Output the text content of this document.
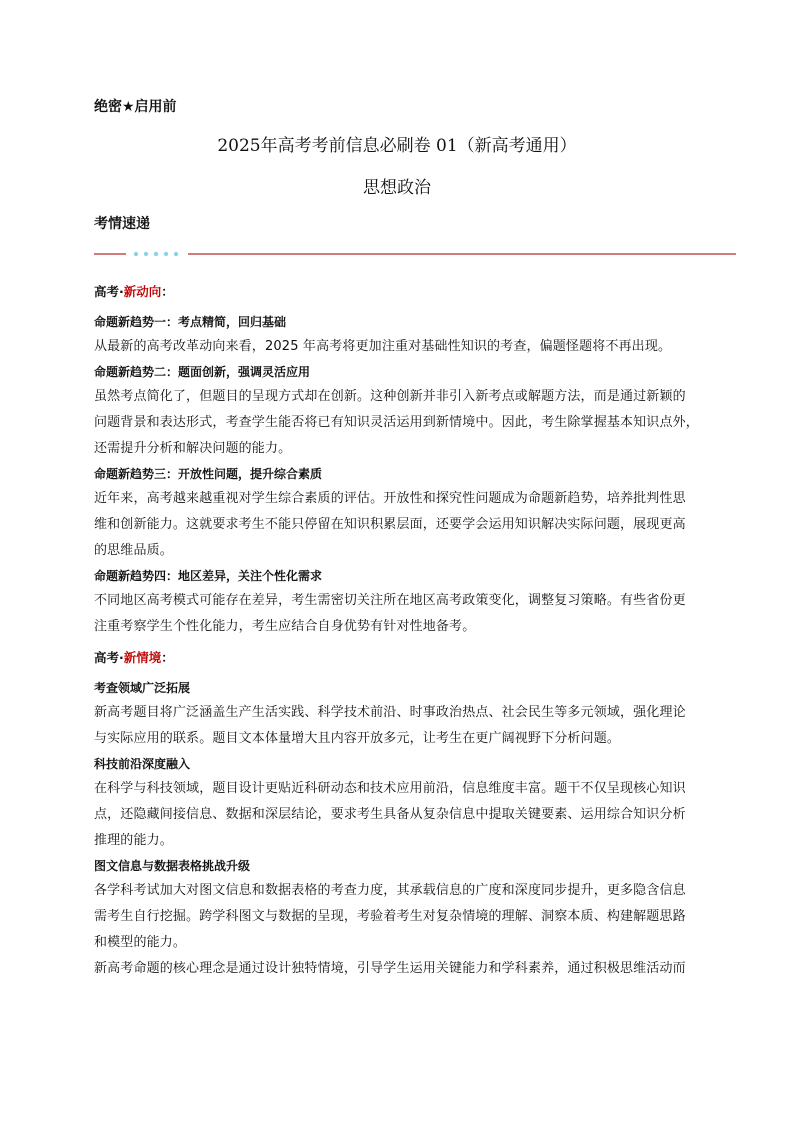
绝密★启用前
2025年高考考前信息必刷卷 01（新高考通用）
思想政治
考情速递
高考·新动向：
命题新趋势一：考点精简，回归基础

从最新的高考改革动向来看，2025 年高考将更加注重对基础性知识的考查，偏题怪题将不再出现。

命题新趋势二：题面创新，强调灵活应用

虽然考点简化了，但题目的呈现方式却在创新。这种创新并非引入新考点或解题方法，而是通过新颖的

问题背景和表达形式，考查学生能否将已有知识灵活运用到新情境中。因此，考生除掌握基本知识点外，

还需提升分析和解决问题的能力。

命题新趋势三：开放性问题，提升综合素质

近年来，高考越来越重视对学生综合素质的评估。开放性和探究性问题成为命题新趋势，培养批判性思

维和创新能力。这就要求考生不能只停留在知识积累层面，还要学会运用知识解决实际问题，展现更高

的思维品质。

命题新趋势四：地区差异，关注个性化需求

不同地区高考模式可能存在差异，考生需密切关注所在地区高考政策变化，调整复习策略。有些省份更

注重考察学生个性化能力，考生应结合自身优势有针对性地备考。

高考·新情境：
考查领域广泛拓展

新高考题目将广泛涵盖生产生活实践、科学技术前沿、时事政治热点、社会民生等多元领域，强化理论

与实际应用的联系。题目文本体量增大且内容开放多元，让考生在更广阔视野下分析问题。

科技前沿深度融入

在科学与科技领域，题目设计更贴近科研动态和技术应用前沿，信息维度丰富。题干不仅呈现核心知识

点，还隐藏间接信息、数据和深层结论，要求考生具备从复杂信息中提取关键要素、运用综合知识分析

推理的能力。

图文信息与数据表格挑战升级

各学科考试加大对图文信息和数据表格的考查力度，其承载信息的广度和深度同步提升，更多隐含信息

需考生自行挖掘。跨学科图文与数据的呈现，考验着考生对复杂情境的理解、洞察本质、构建解题思路

和模型的能力。

新高考命题的核心理念是通过设计独特情境，引导学生运用关键能力和学科素养，通过积极思维活动而
